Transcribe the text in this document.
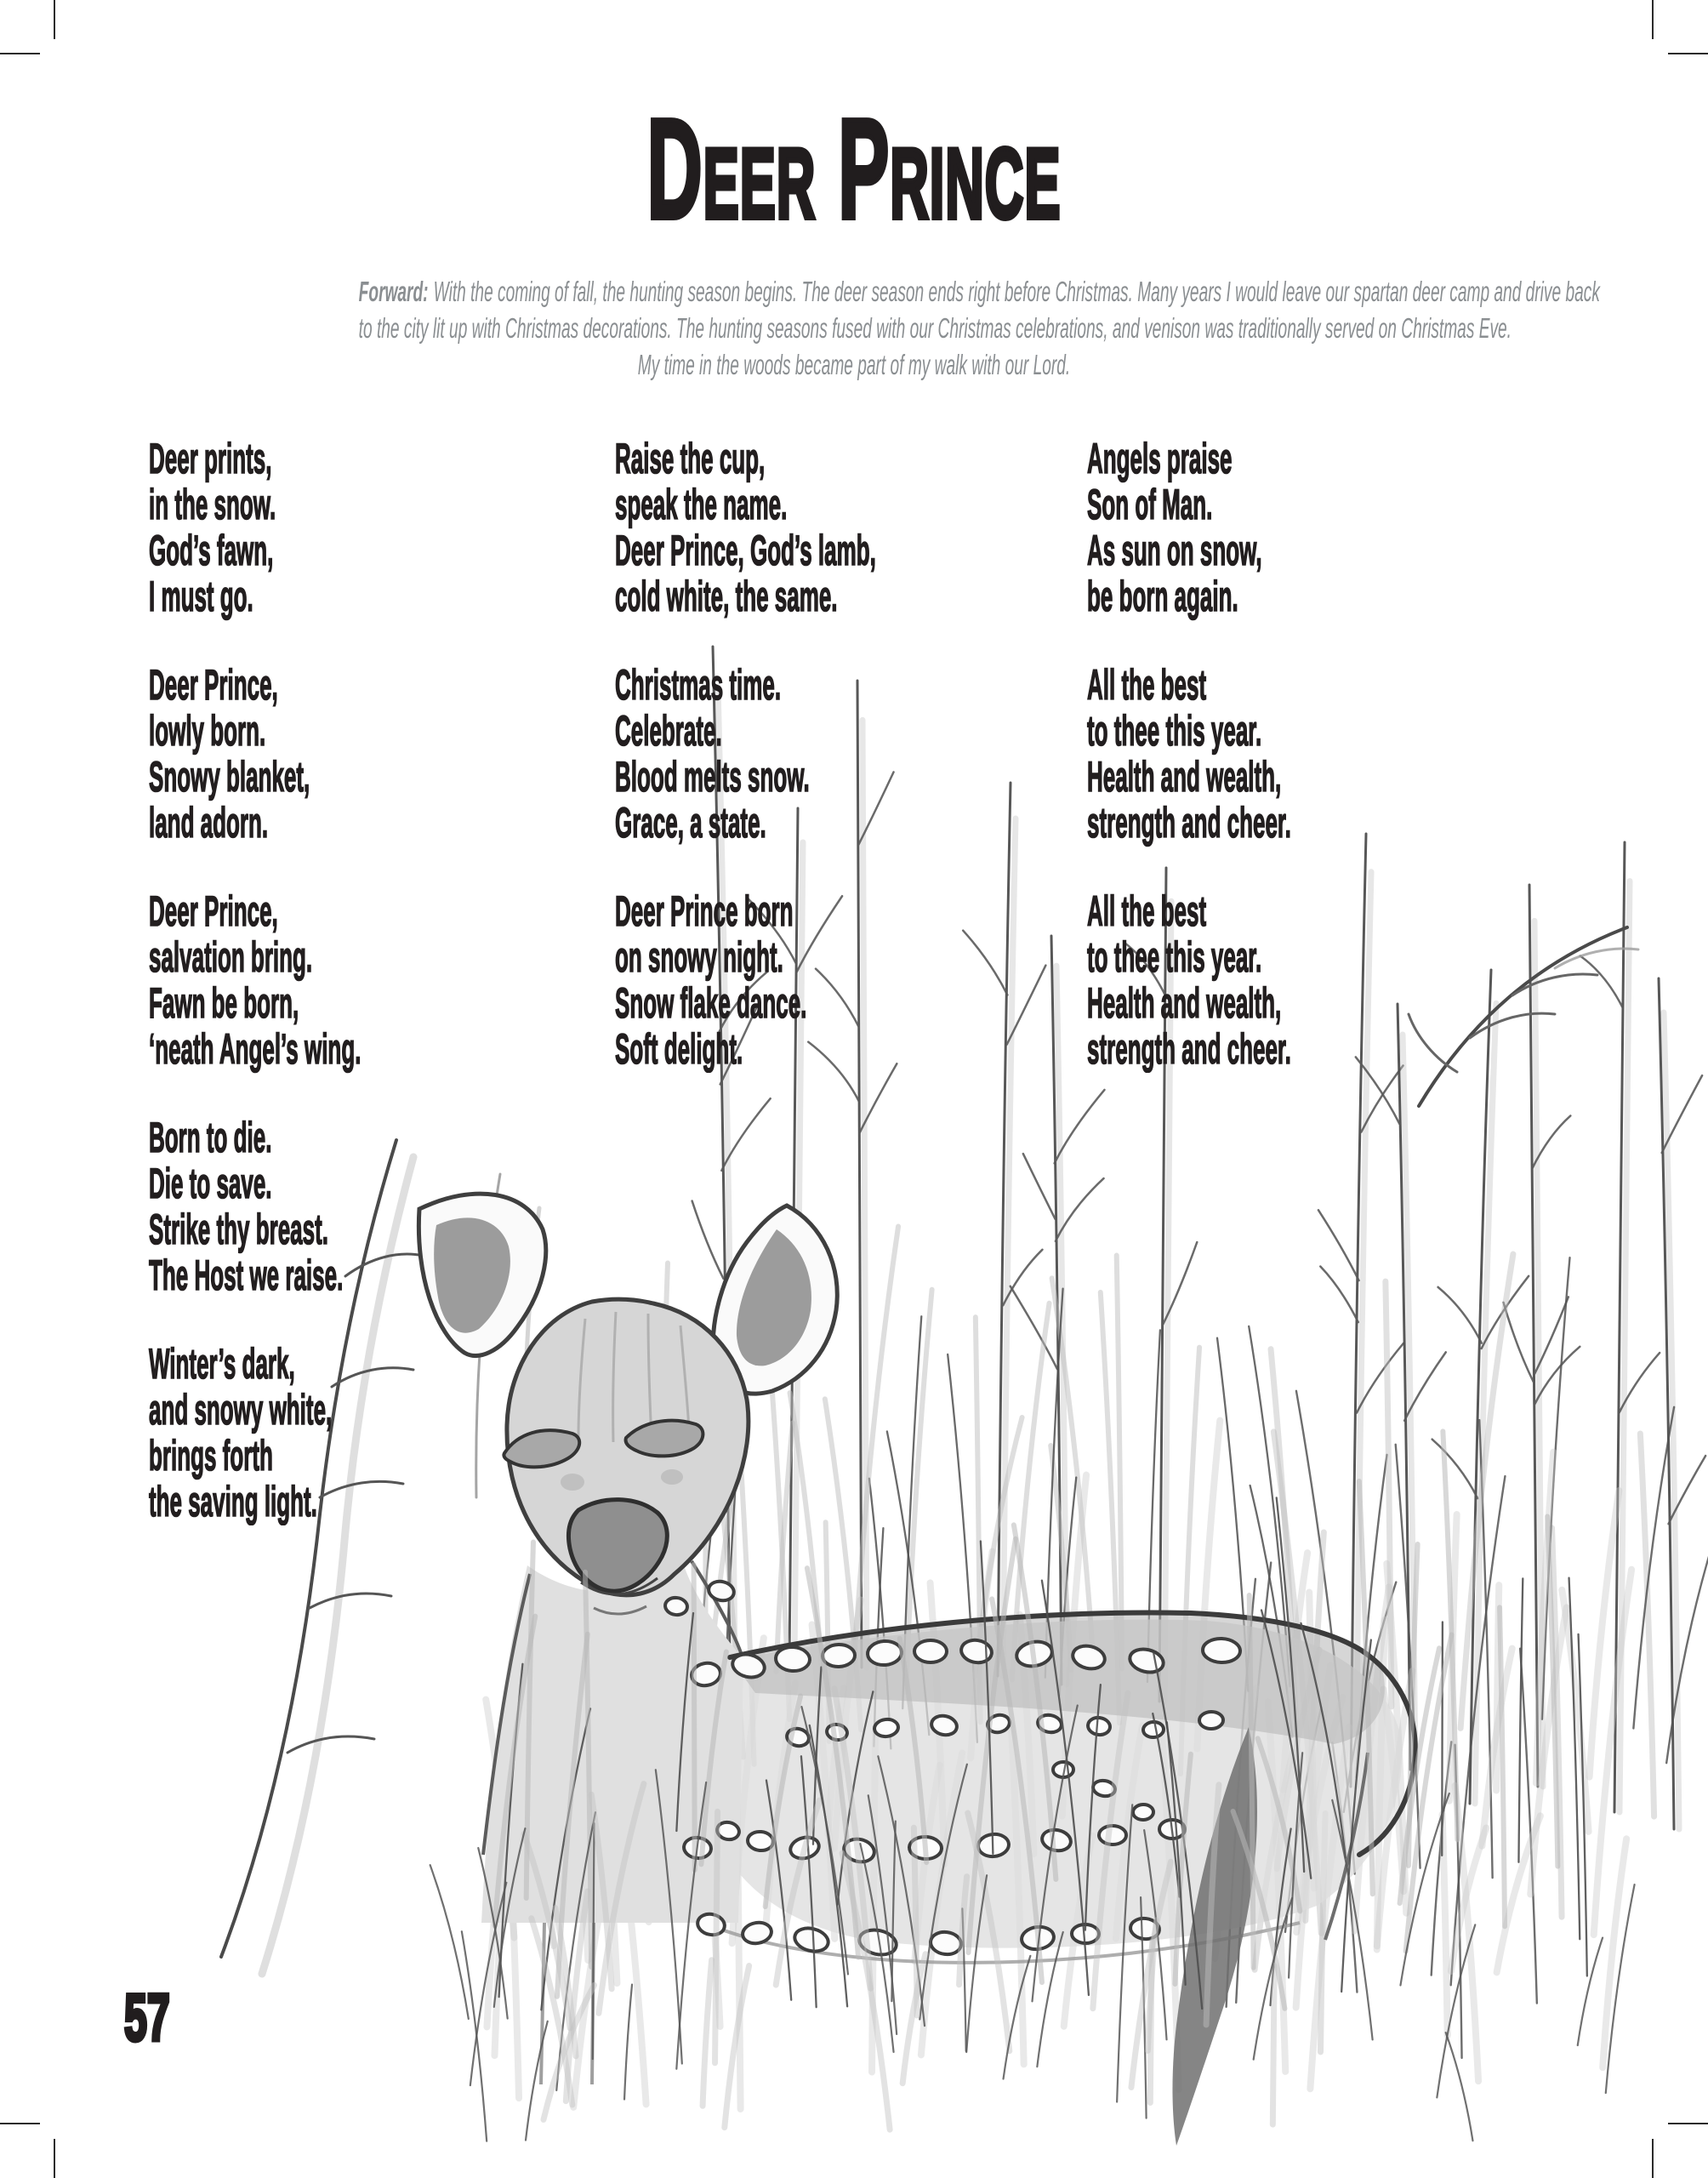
Deer Prince
Forward: With the coming of fall, the hunting season begins. The deer season ends right before Christmas. Many years I would leave our spartan deer camp and drive back
to the city lit up with Christmas decorations. The hunting seasons fused with our Christmas celebrations, and venison was traditionally served on Christmas Eve.
My time in the woods became part of my walk with our Lord.
Deer prints,
in the snow.
God’s fawn,
I must go.
Deer Prince,
lowly born.
Snowy blanket,
land adorn.
Deer Prince,
salvation bring.
Fawn be born,
‘neath Angel’s wing.
Born to die.
Die to save.
Strike thy breast.
The Host we raise.
Winter’s dark,
and snowy white,
brings forth
the saving light.
Raise the cup,
speak the name.
Deer Prince, God’s lamb,
cold white, the same.
Christmas time.
Celebrate.
Blood melts snow.
Grace, a state.
Deer Prince born
on snowy night.
Snow flake dance.
Soft delight.
Angels praise
Son of Man.
As sun on snow,
be born again.
All the best
to thee this year.
Health and wealth,
strength and cheer.
All the best
to thee this year.
Health and wealth,
strength and cheer.

57
